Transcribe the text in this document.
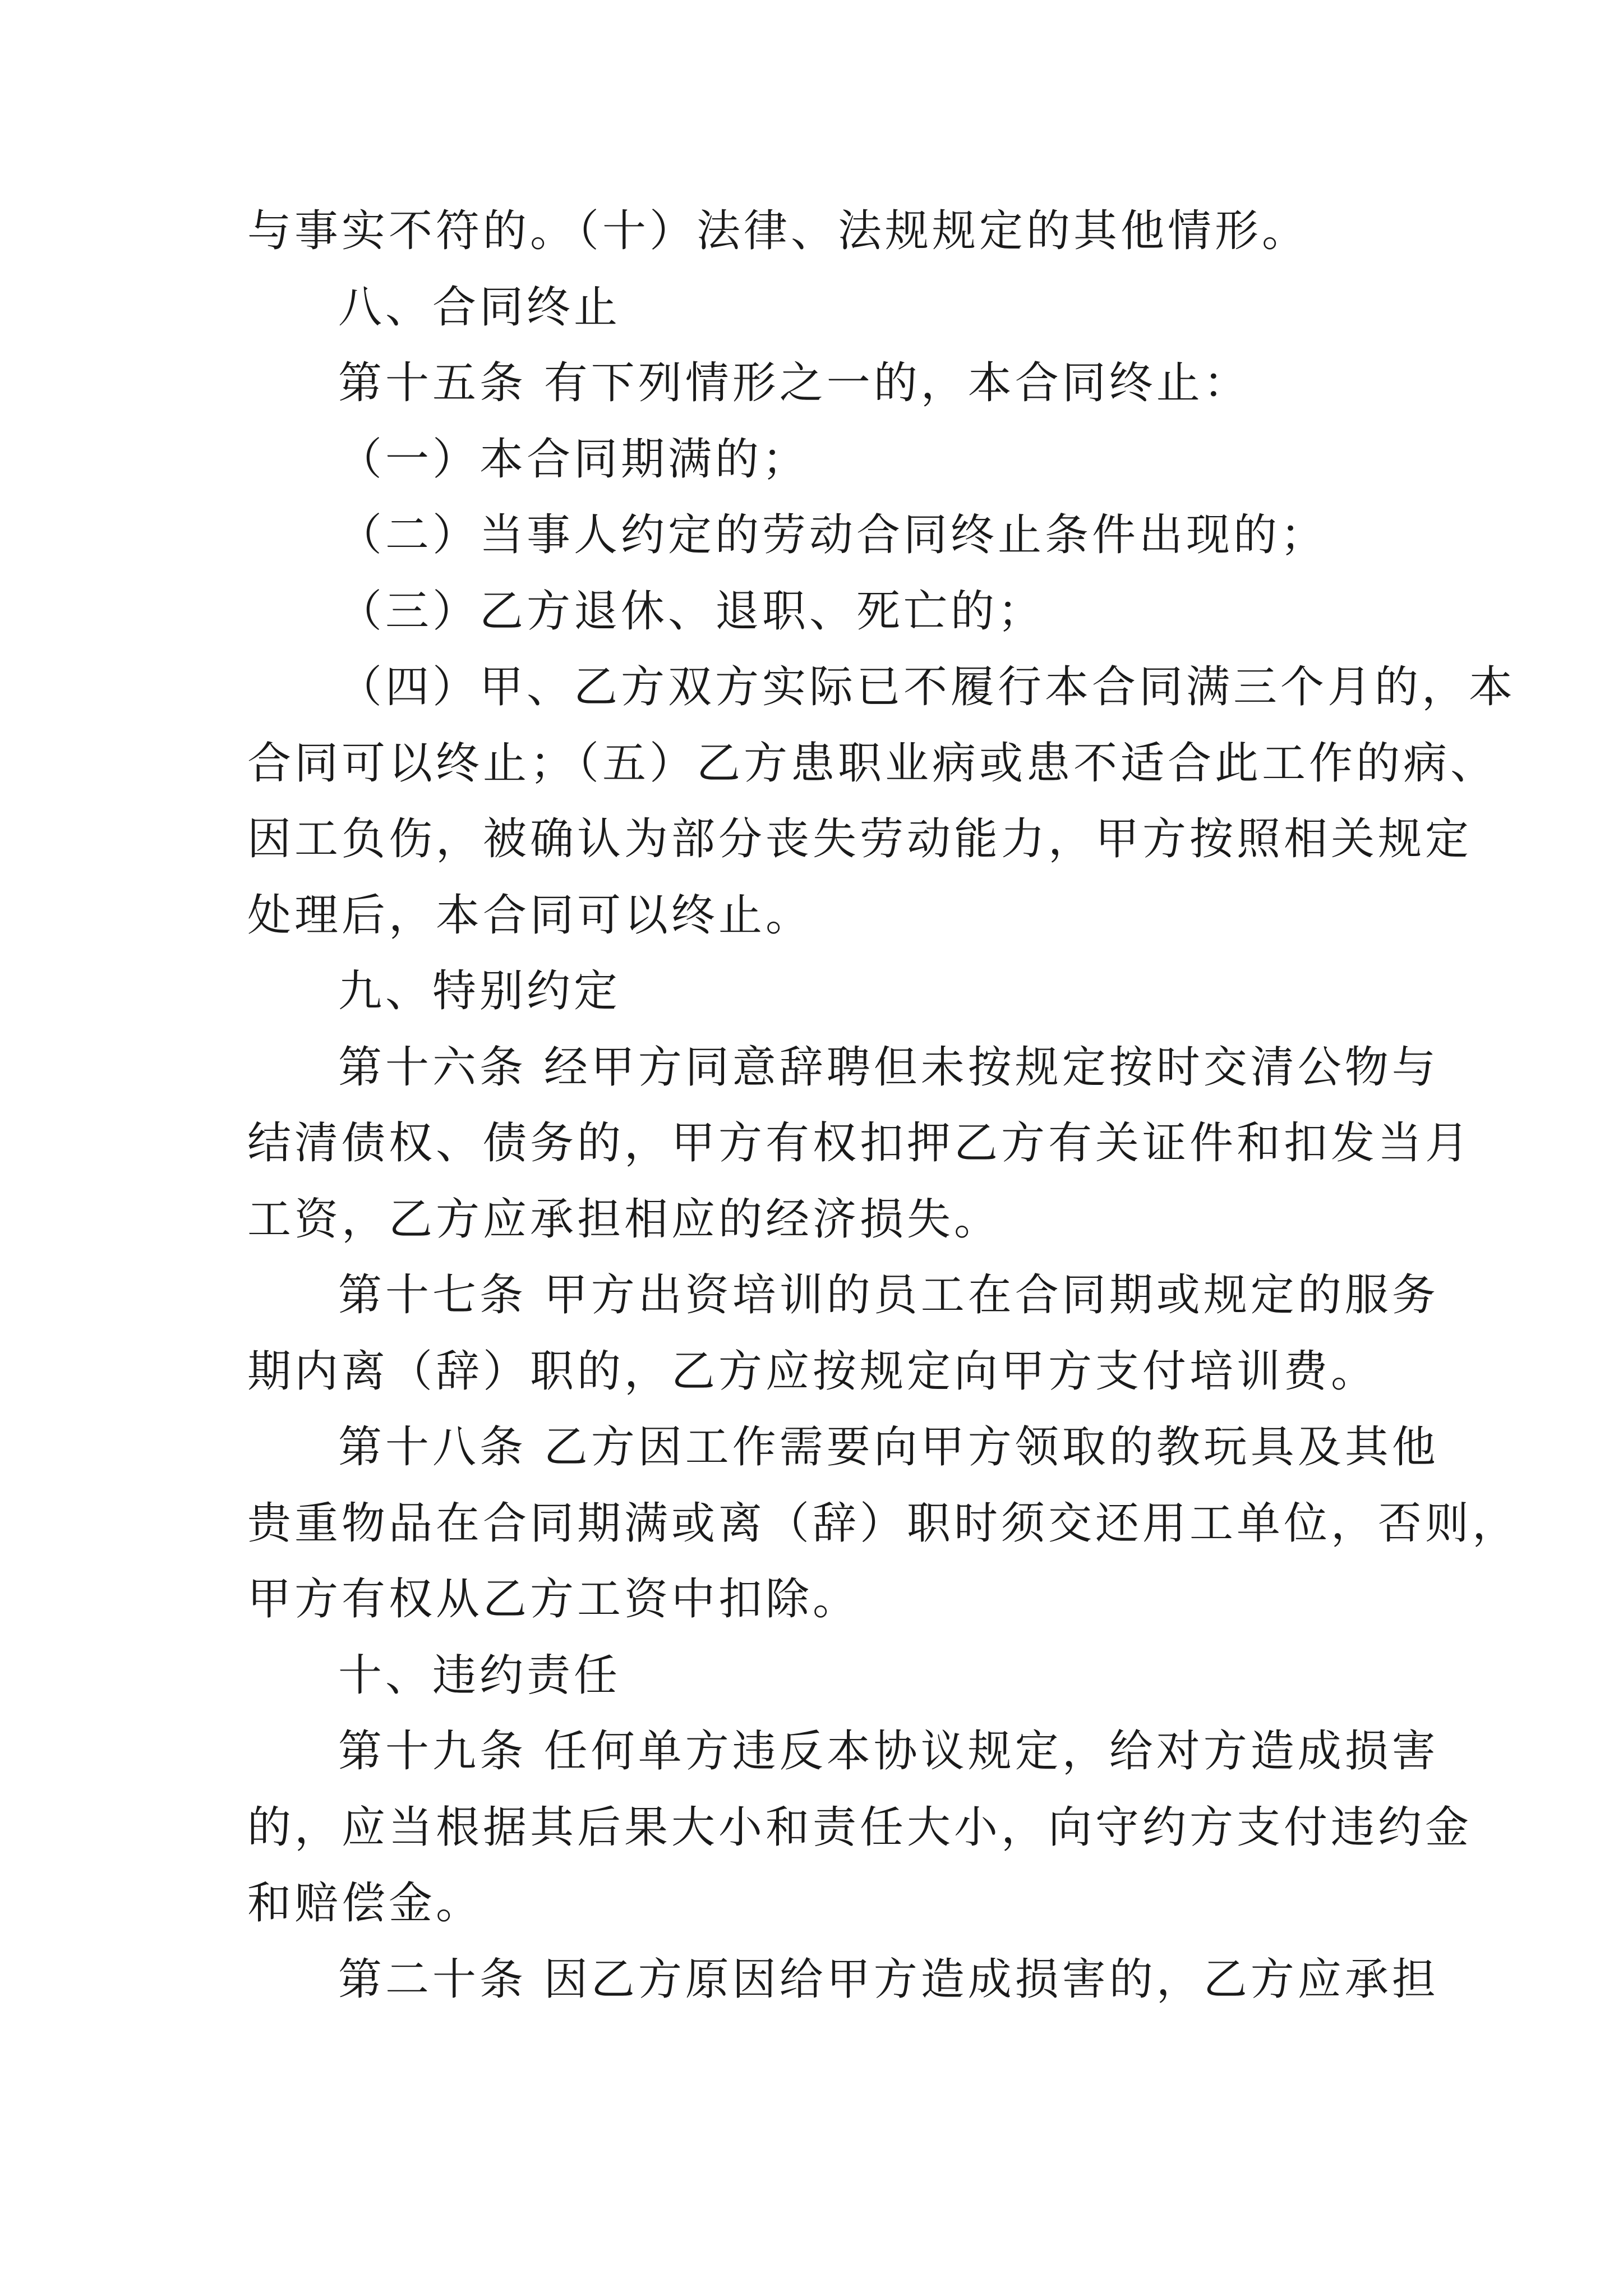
与事实不符的。（十）法律、法规规定的其他情形。
八、合同终止
第十五条 有下列情形之一的，本合同终止：
（一）本合同期满的；
（二）当事人约定的劳动合同终止条件出现的；
（三）乙方退休、退职、死亡的；
（四）甲、乙方双方实际已不履行本合同满三个月的，本
合同可以终止；（五）乙方患职业病或患不适合此工作的病、
因工负伤，被确认为部分丧失劳动能力，甲方按照相关规定
处理后，本合同可以终止。
九、特别约定
第十六条 经甲方同意辞聘但未按规定按时交清公物与
结清债权、债务的，甲方有权扣押乙方有关证件和扣发当月
工资，乙方应承担相应的经济损失。
第十七条 甲方出资培训的员工在合同期或规定的服务
期内离（辞）职的，乙方应按规定向甲方支付培训费。
第十八条 乙方因工作需要向甲方领取的教玩具及其他
贵重物品在合同期满或离（辞）职时须交还用工单位，否则，
甲方有权从乙方工资中扣除。
十、违约责任
第十九条 任何单方违反本协议规定，给对方造成损害
的，应当根据其后果大小和责任大小，向守约方支付违约金
和赔偿金。
第二十条 因乙方原因给甲方造成损害的，乙方应承担
